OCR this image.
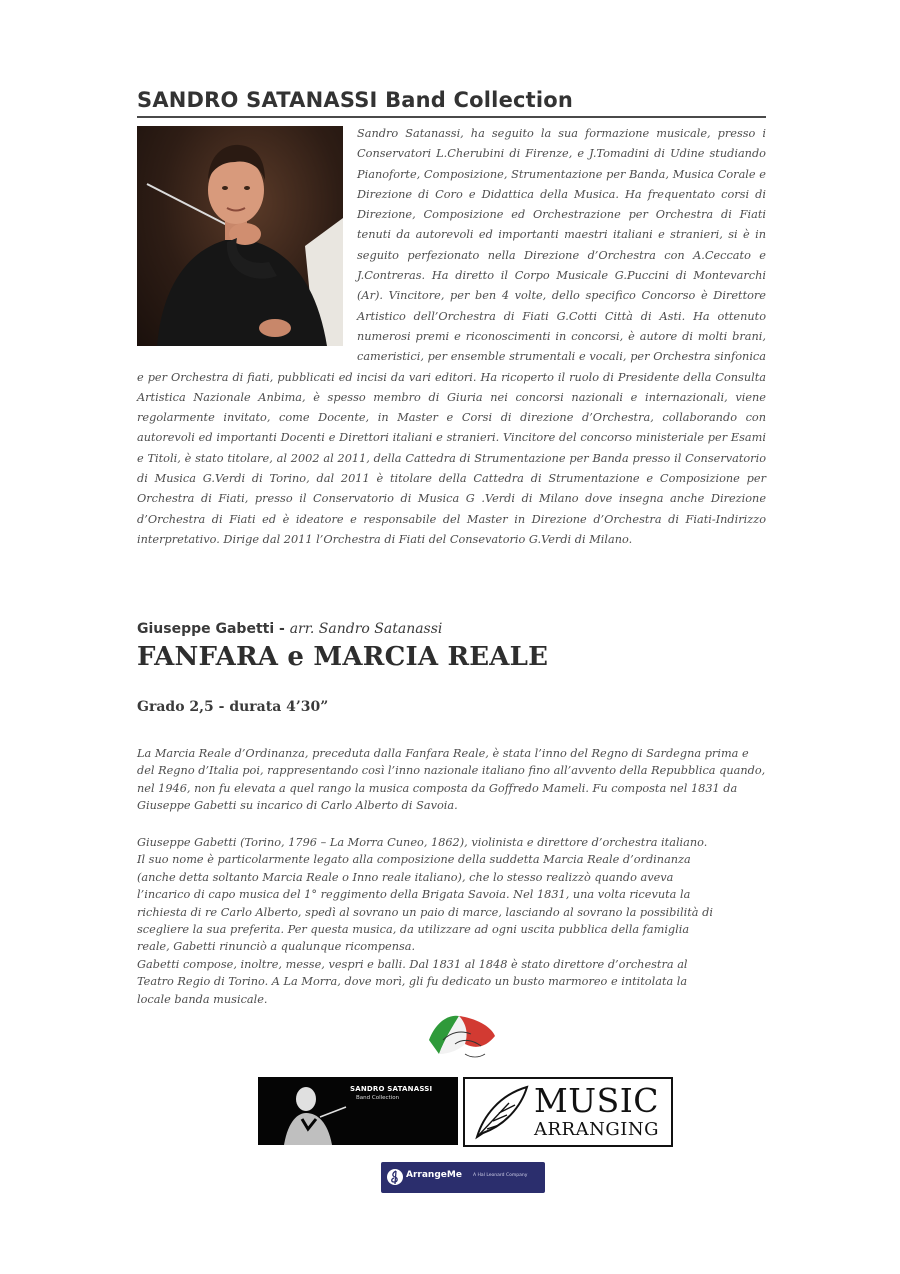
SANDRO SATANASSI Band Collection

Sandro Satanassi, ha seguito la sua formazione musicale, presso i Conservatori L.Cherubini di Firenze, e J.Tomadini di Udine studiando Pianoforte, Composizione, Strumentazione per Banda, Musica Corale e Direzione di Coro e Didattica della Musica. Ha frequentato corsi di Direzione, Composizione ed Orchestrazione per Orchestra di Fiati tenuti da autorevoli ed importanti maestri italiani e stranieri, si è in seguito perfezionato nella Direzione d’Orchestra con A.Ceccato e J.Contreras. Ha diretto il Corpo Musicale G.Puccini di Montevarchi (Ar). Vincitore, per ben 4 volte, dello specifico Concorso è Direttore Artistico dell’Orchestra di Fiati G.Cotti Città di Asti. Ha ottenuto numerosi premi e riconoscimenti in concorsi, è autore di molti brani, cameristici, per ensemble strumentali e vocali, per Orchestra sinfonica e per Orchestra di fiati, pubblicati ed incisi da vari editori. Ha ricoperto il ruolo di Presidente della Consulta Artistica Nazionale Anbima, è spesso membro di Giuria nei concorsi nazionali e internazionali, viene regolarmente invitato, come Docente, in Master e Corsi di direzione d’Orchestra, collaborando con autorevoli ed importanti Docenti e Direttori italiani e stranieri. Vincitore del concorso ministeriale per Esami e Titoli, è stato titolare, al 2002 al 2011, della Cattedra di Strumentazione per Banda presso il Conservatorio di Musica G.Verdi di Torino, dal 2011 è titolare della Cattedra di Strumentazione e Composizione per Orchestra di Fiati, presso il Conservatorio di Musica G .Verdi di Milano dove insegna anche Direzione d’Orchestra di Fiati ed è ideatore e responsabile del Master in Direzione d’Orchestra di Fiati-Indirizzo interpretativo. Dirige dal 2011 l’Orchestra di Fiati del Consevatorio G.Verdi di Milano.

Giuseppe Gabetti - arr. Sandro Satanassi

FANFARA e MARCIA REALE

Grado 2,5 - durata 4’30”

La Marcia Reale d’Ordinanza, preceduta dalla Fanfara Reale, è stata l’inno del Regno di Sardegna prima e del Regno d’Italia poi, rappresentando così l’inno nazionale italiano fino all’avvento della Repubblica quando, nel 1946, non fu elevata a quel rango la musica composta da Goffredo Mameli. Fu composta nel 1831 da Giuseppe Gabetti su incarico di Carlo Alberto di Savoia.

Giuseppe Gabetti (Torino, 1796 – La Morra Cuneo, 1862), violinista e direttore d’orchestra italiano.
Il suo nome è particolarmente legato alla composizione della suddetta Marcia Reale d’ordinanza
(anche detta soltanto Marcia Reale o Inno reale italiano), che lo stesso realizzò quando aveva
l’incarico di capo musica del 1° reggimento della Brigata Savoia. Nel 1831, una volta ricevuta la
richiesta di re Carlo Alberto, spedì al sovrano un paio di marce, lasciando al sovrano la possibilità di
scegliere la sua preferita. Per questa musica, da utilizzare ad ogni uscita pubblica della famiglia
reale, Gabetti rinunciò a qualunque ricompensa.
Gabetti compose, inoltre, messe, vespri e balli. Dal 1831 al 1848 è stato direttore d’orchestra al
Teatro Regio di Torino. A La Morra, dove morì, gli fu dedicato un busto marmoreo e intitolata la
locale banda musicale.

SANDRO SATANASSI
Band Collection	MUSIC
ARRANGING
ArrangeMe A Hal Leonard Company
